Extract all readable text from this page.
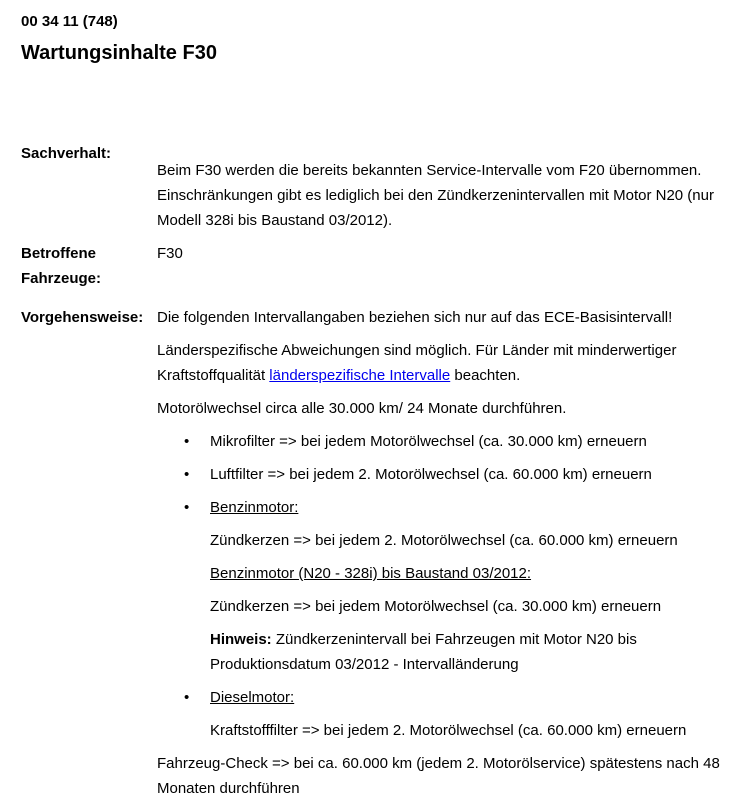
00 34 11 (748)
Wartungsinhalte F30
Sachverhalt:

Beim F30 werden die bereits bekannten Service-Intervalle vom F20 übernommen. Einschränkungen gibt es lediglich bei den Zündkerzenintervallen mit Motor N20 (nur Modell 328i bis Baustand 03/2012).

Betroffene Fahrzeuge:

F30

Vorgehensweise: Die folgenden Intervallangaben beziehen sich nur auf das ECE-Basisintervall!

Länderspezifische Abweichungen sind möglich. Für Länder mit minderwertiger Kraftstoffqualität länderspezifische Intervalle beachten.

Motorölwechsel circa alle 30.000 km/ 24 Monate durchführen.

• Mikrofilter => bei jedem Motorölwechsel (ca. 30.000 km) erneuern
• Luftfilter => bei jedem 2. Motorölwechsel (ca. 60.000 km) erneuern
• Benzinmotor:

Zündkerzen => bei jedem 2. Motorölwechsel (ca. 60.000 km) erneuern

Benzinmotor (N20 - 328i) bis Baustand 03/2012:

Zündkerzen => bei jedem Motorölwechsel (ca. 30.000 km) erneuern

Hinweis: Zündkerzenintervall bei Fahrzeugen mit Motor N20 bis Produktionsdatum 03/2012 - Intervalländerung

• Dieselmotor:

Kraftstofffilter => bei jedem 2. Motorölwechsel (ca. 60.000 km) erneuern

Fahrzeug-Check => bei ca. 60.000 km (jedem 2. Motorölservice) spätestens nach 48 Monaten durchführen
